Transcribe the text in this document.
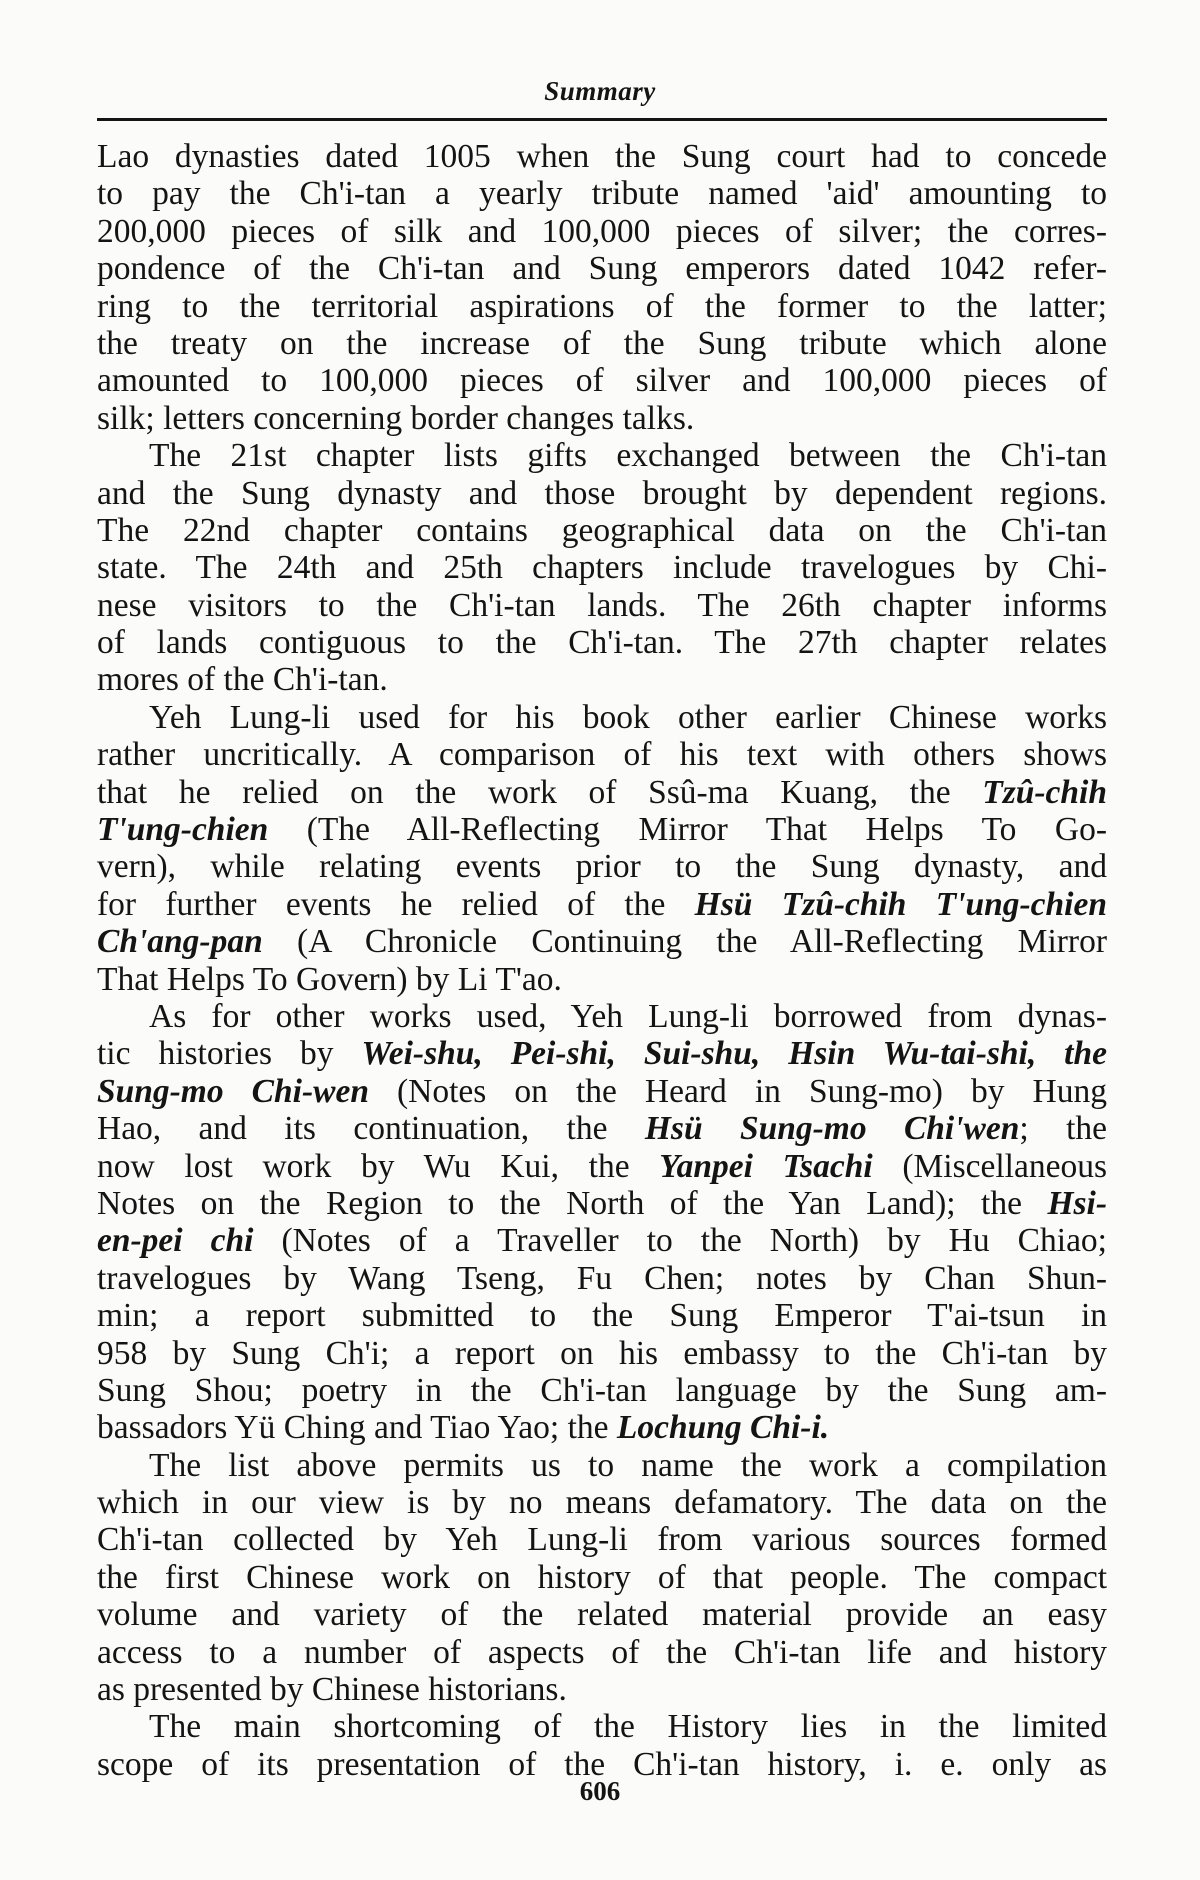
Summary
Lao dynasties dated 1005 when the Sung court had to concede
to pay the Ch'i-tan a yearly tribute named 'aid' amounting to
200,000 pieces of silk and 100,000 pieces of silver; the corres-
pondence of the Ch'i-tan and Sung emperors dated 1042 refer-
ring to the territorial aspirations of the former to the latter;
the treaty on the increase of the Sung tribute which alone
amounted to 100,000 pieces of silver and 100,000 pieces of
silk; letters concerning border changes talks.
The 21st chapter lists gifts exchanged between the Ch'i-tan
and the Sung dynasty and those brought by dependent regions.
The 22nd chapter contains geographical data on the Ch'i-tan
state. The 24th and 25th chapters include travelogues by Chi-
nese visitors to the Ch'i-tan lands. The 26th chapter informs
of lands contiguous to the Ch'i-tan. The 27th chapter relates
mores of the Ch'i-tan.
Yeh Lung-li used for his book other earlier Chinese works
rather uncritically. A comparison of his text with others shows
that he relied on the work of Ssû-ma Kuang, the Tzû-chih
T'ung-chien (The All-Reflecting Mirror That Helps To Go-
vern), while relating events prior to the Sung dynasty, and
for further events he relied of the Hsü Tzû-chih T'ung-chien
Ch'ang-pan (A Chronicle Continuing the All-Reflecting Mirror
That Helps To Govern) by Li T'ao.
As for other works used, Yeh Lung-li borrowed from dynas-
tic histories by Wei-shu, Pei-shi, Sui-shu, Hsin Wu-tai-shi, the
Sung-mo Chi-wen (Notes on the Heard in Sung-mo) by Hung
Hao, and its continuation, the Hsü Sung-mo Chi'wen; the
now lost work by Wu Kui, the Yanpei Tsachi (Miscellaneous
Notes on the Region to the North of the Yan Land); the Hsi-
en-pei chi (Notes of a Traveller to the North) by Hu Chiao;
travelogues by Wang Tseng, Fu Chen; notes by Chan Shun-
min; a report submitted to the Sung Emperor T'ai-tsun in
958 by Sung Ch'i; a report on his embassy to the Ch'i-tan by
Sung Shou; poetry in the Ch'i-tan language by the Sung am-
bassadors Yü Ching and Tiao Yao; the Lochung Chi-i.
The list above permits us to name the work a compilation
which in our view is by no means defamatory. The data on the
Ch'i-tan collected by Yeh Lung-li from various sources formed
the first Chinese work on history of that people. The compact
volume and variety of the related material provide an easy
access to a number of aspects of the Ch'i-tan life and history
as presented by Chinese historians.
The main shortcoming of the History lies in the limited
scope of its presentation of the Ch'i-tan history, i. e. only as
606
